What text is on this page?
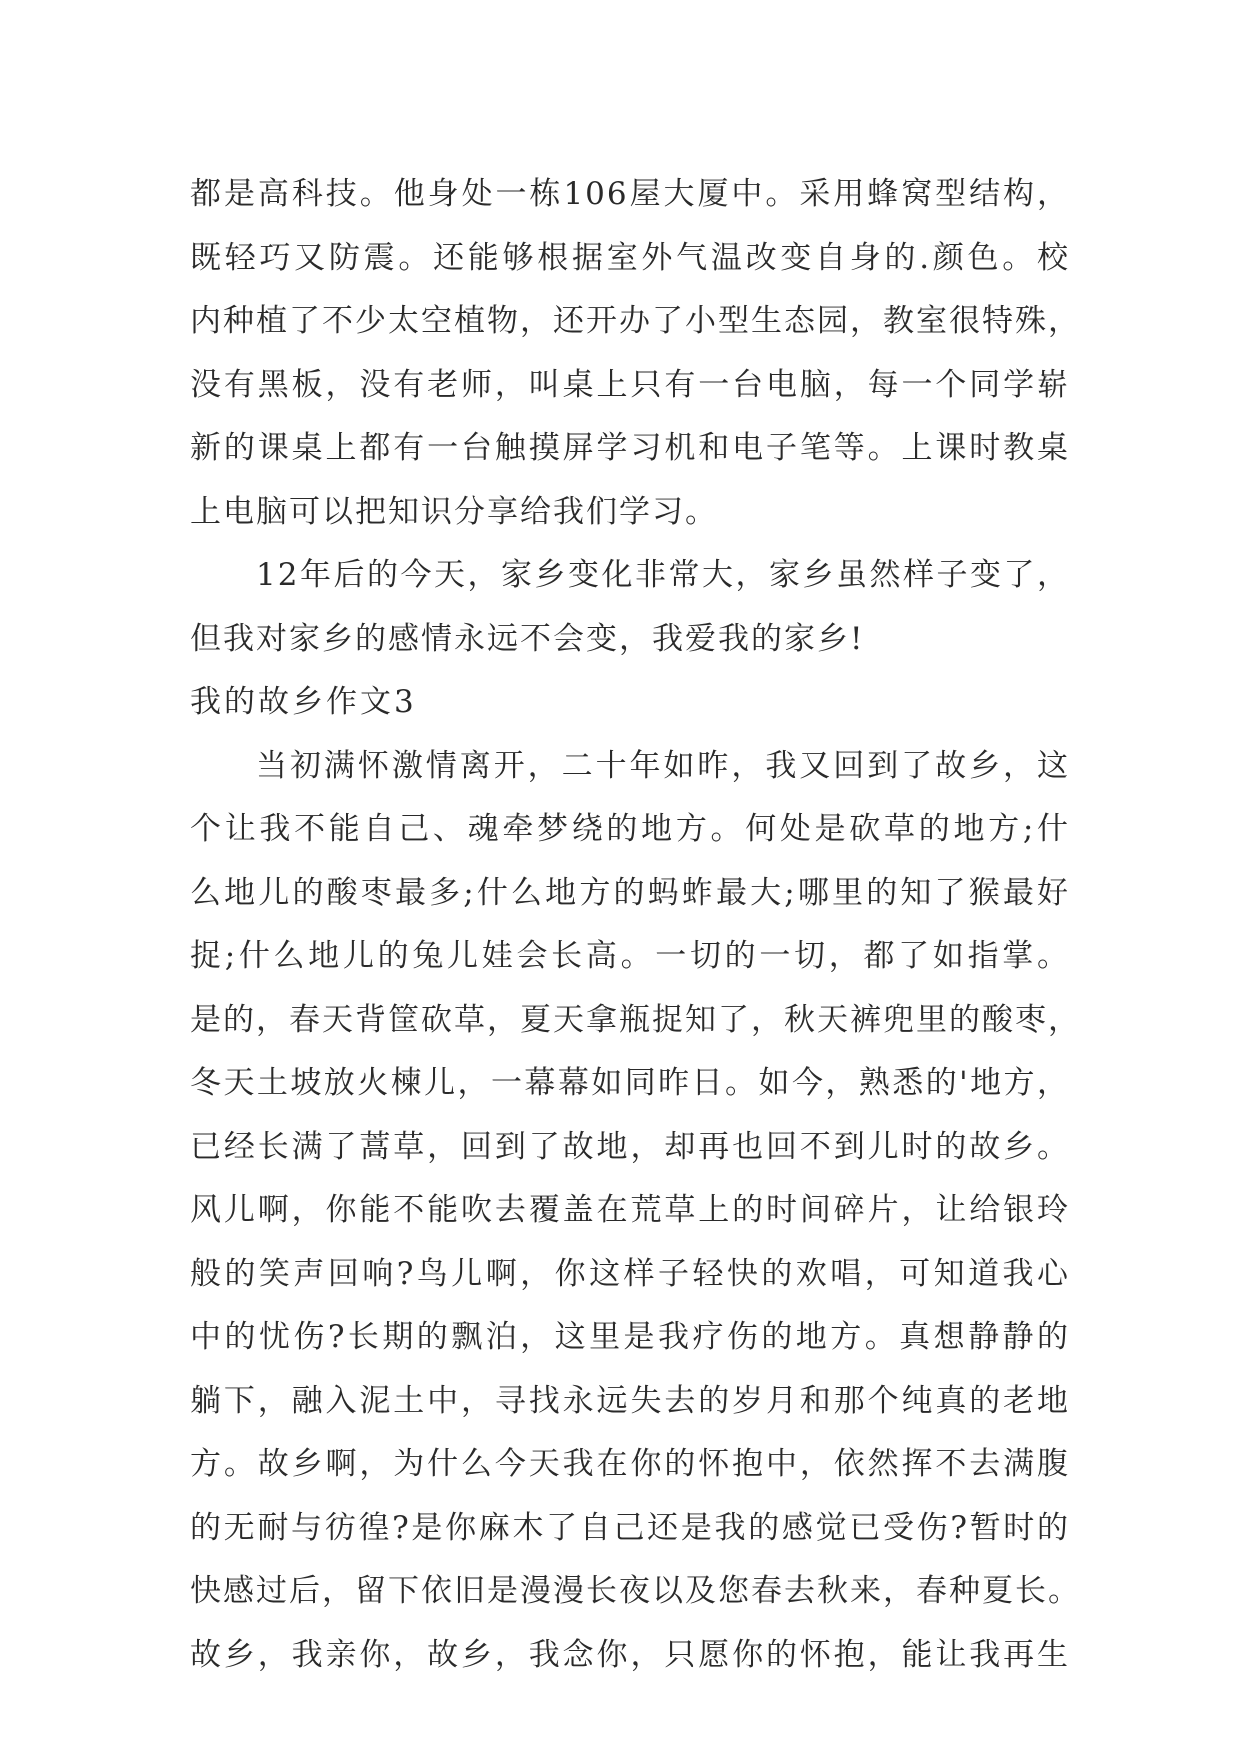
都是高科技。他身处一栋106屋大厦中。采用蜂窝型结构，
既轻巧又防震。还能够根据室外气温改变自身的.颜色。校
内种植了不少太空植物，还开办了小型生态园，教室很特殊，
没有黑板，没有老师，叫桌上只有一台电脑，每一个同学崭
新的课桌上都有一台触摸屏学习机和电子笔等。上课时教桌
上电脑可以把知识分享给我们学习。
12年后的今天，家乡变化非常大，家乡虽然样子变了，
但我对家乡的感情永远不会变，我爱我的家乡!
我的故乡作文3
当初满怀激情离开，二十年如昨，我又回到了故乡，这
个让我不能自己、魂牵梦绕的地方。何处是砍草的地方;什
么地儿的酸枣最多;什么地方的蚂蚱最大;哪里的知了猴最好
捉;什么地儿的兔儿娃会长高。一切的一切，都了如指掌。
是的，春天背筐砍草，夏天拿瓶捉知了，秋天裤兜里的酸枣，
冬天土坡放火楝儿，一幕幕如同昨日。如今，熟悉的'地方，
已经长满了蒿草，回到了故地，却再也回不到儿时的故乡。
风儿啊，你能不能吹去覆盖在荒草上的时间碎片，让给银玲
般的笑声回响?鸟儿啊，你这样子轻快的欢唱，可知道我心
中的忧伤?长期的飘泊，这里是我疗伤的地方。真想静静的
躺下，融入泥土中，寻找永远失去的岁月和那个纯真的老地
方。故乡啊，为什么今天我在你的怀抱中，依然挥不去满腹
的无耐与彷徨?是你麻木了自己还是我的感觉已受伤?暂时的
快感过后，留下依旧是漫漫长夜以及您春去秋来，春种夏长。
故乡，我亲你，故乡，我念你，只愿你的怀抱，能让我再生
